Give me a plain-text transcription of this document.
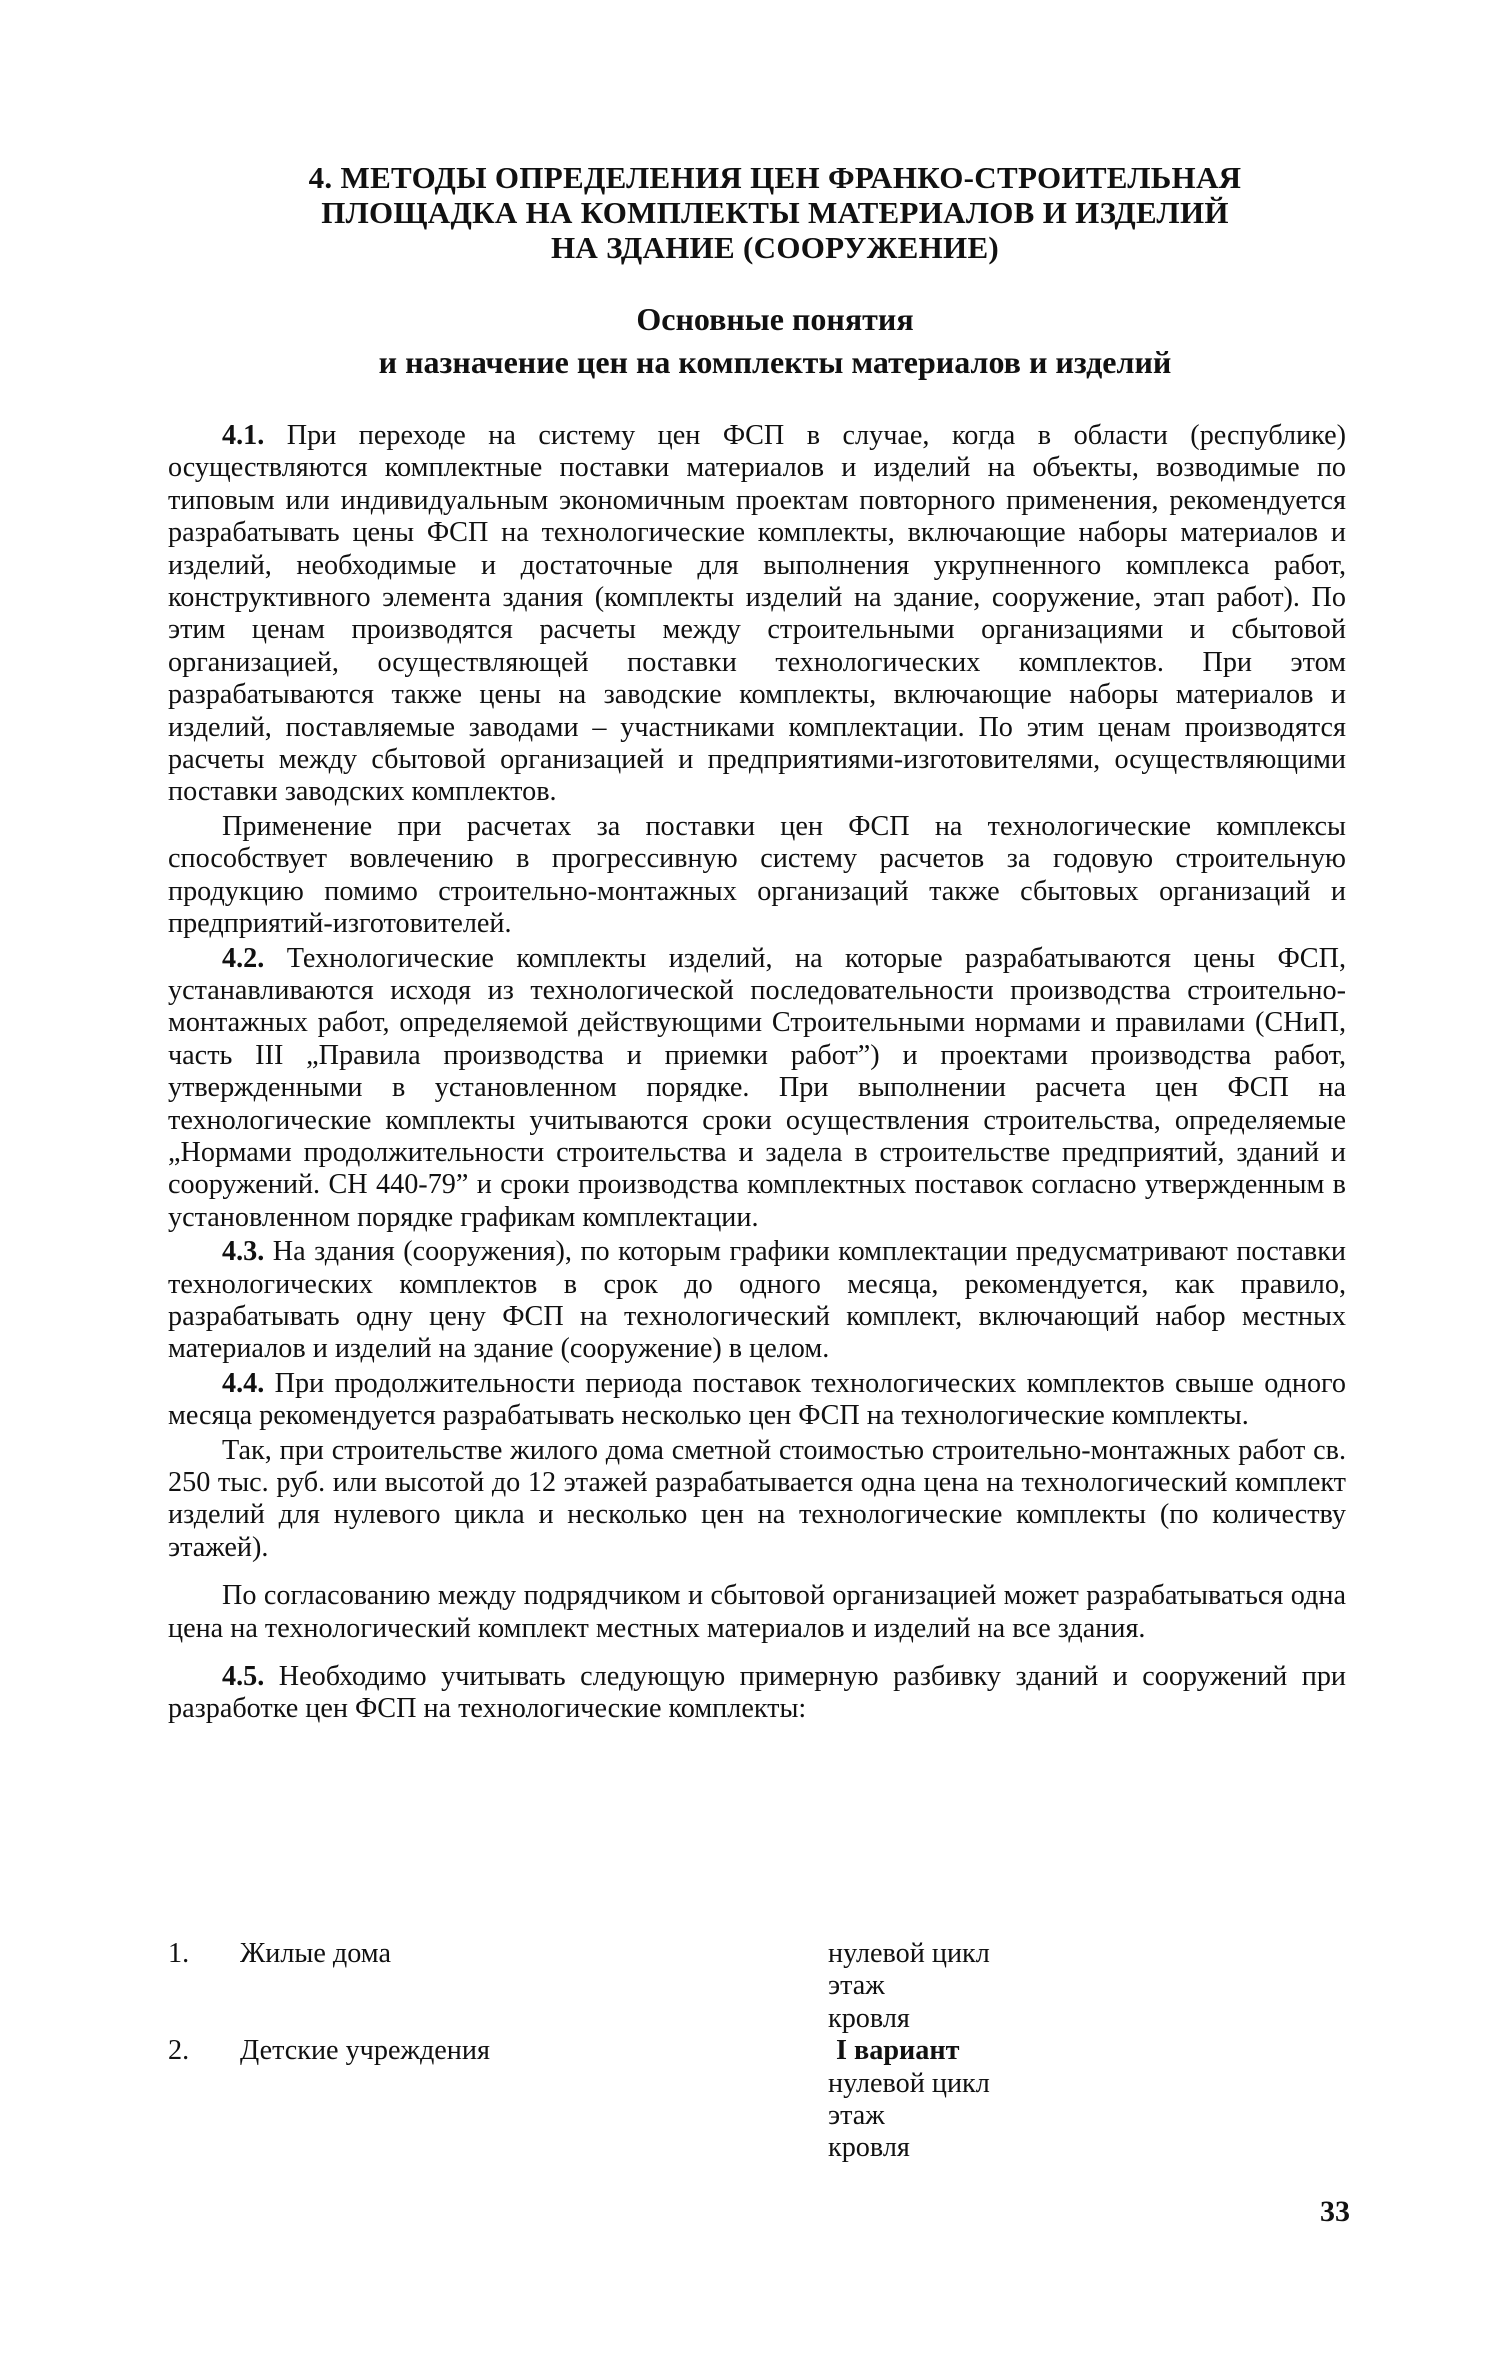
4. МЕТОДЫ ОПРЕДЕЛЕНИЯ ЦЕН ФРАНКО-СТРОИТЕЛЬНАЯ
ПЛОЩАДКА НА КОМПЛЕКТЫ МАТЕРИАЛОВ И ИЗДЕЛИЙ
НА ЗДАНИЕ (СООРУЖЕНИЕ)
Основные понятия
и назначение цен на комплекты материалов и изделий

4.1. При переходе на систему цен ФСП в случае, когда в области (республике) осуществляются комплектные поставки материалов и изделий на объекты, возводимые по типовым или индивидуальным экономичным проектам повторного применения, рекомендуется разрабатывать цены ФСП на технологические комплекты, включающие наборы материалов и изделий, необходимые и достаточные для выполнения укрупненного комплекса работ, конструктивного элемента здания (комплекты изделий на здание, сооружение, этап работ). По этим ценам производятся расчеты между строительными организациями и сбытовой организацией, осуществляющей поставки технологических комплектов. При этом разрабатываются также цены на заводские комплекты, включающие наборы материалов и изделий, поставляемые заводами – участниками комплектации. По этим ценам производятся расчеты между сбытовой организацией и предприятиями-изготовителями, осуществляющими поставки заводских комплектов.

Применение при расчетах за поставки цен ФСП на технологические комплексы способствует вовлечению в прогрессивную систему расчетов за годовую строительную продукцию помимо строительно-монтажных организаций также сбытовых организаций и предприятий-изготовителей.

4.2. Технологические комплекты изделий, на которые разрабатываются цены ФСП, устанавливаются исходя из технологической последовательности производства строительно-монтажных работ, определяемой действующими Строительными нормами и правилами (СНиП, часть III „Правила производства и приемки работ”) и проектами производства работ, утвержденными в установленном порядке. При выполнении расчета цен ФСП на технологические комплекты учитываются сроки осуществления строительства, определяемые „Нормами продолжительности строительства и задела в строительстве предприятий, зданий и сооружений. СН 440-79” и сроки производства комплектных поставок согласно утвержденным в установленном порядке графикам комплектации.

4.3. На здания (сооружения), по которым графики комплектации предусматривают поставки технологических комплектов в срок до одного месяца, рекомендуется, как правило, разрабатывать одну цену ФСП на технологический комплект, включающий набор местных материалов и изделий на здание (сооружение) в целом.

4.4. При продолжительности периода поставок технологических комплектов свыше одного месяца рекомендуется разрабатывать несколько цен ФСП на технологические комплекты.

Так, при строительстве жилого дома сметной стоимостью строительно-монтажных работ св. 250 тыс. руб. или высотой до 12 этажей разрабатывается одна цена на технологический комплект изделий для нулевого цикла и несколько цен на технологические комплекты (по количеству этажей).

По согласованию между подрядчиком и сбытовой организацией может разрабатываться одна цена на технологический комплект местных материалов и изделий на все здания.

4.5. Необходимо учитывать следующую примерную разбивку зданий и сооружений при разработке цен ФСП на технологические комплекты:

1. Жилые дома	нулевой цикл
этаж
кровля
2. Детские учреждения	I вариант
нулевой цикл
этаж
кровля
33
